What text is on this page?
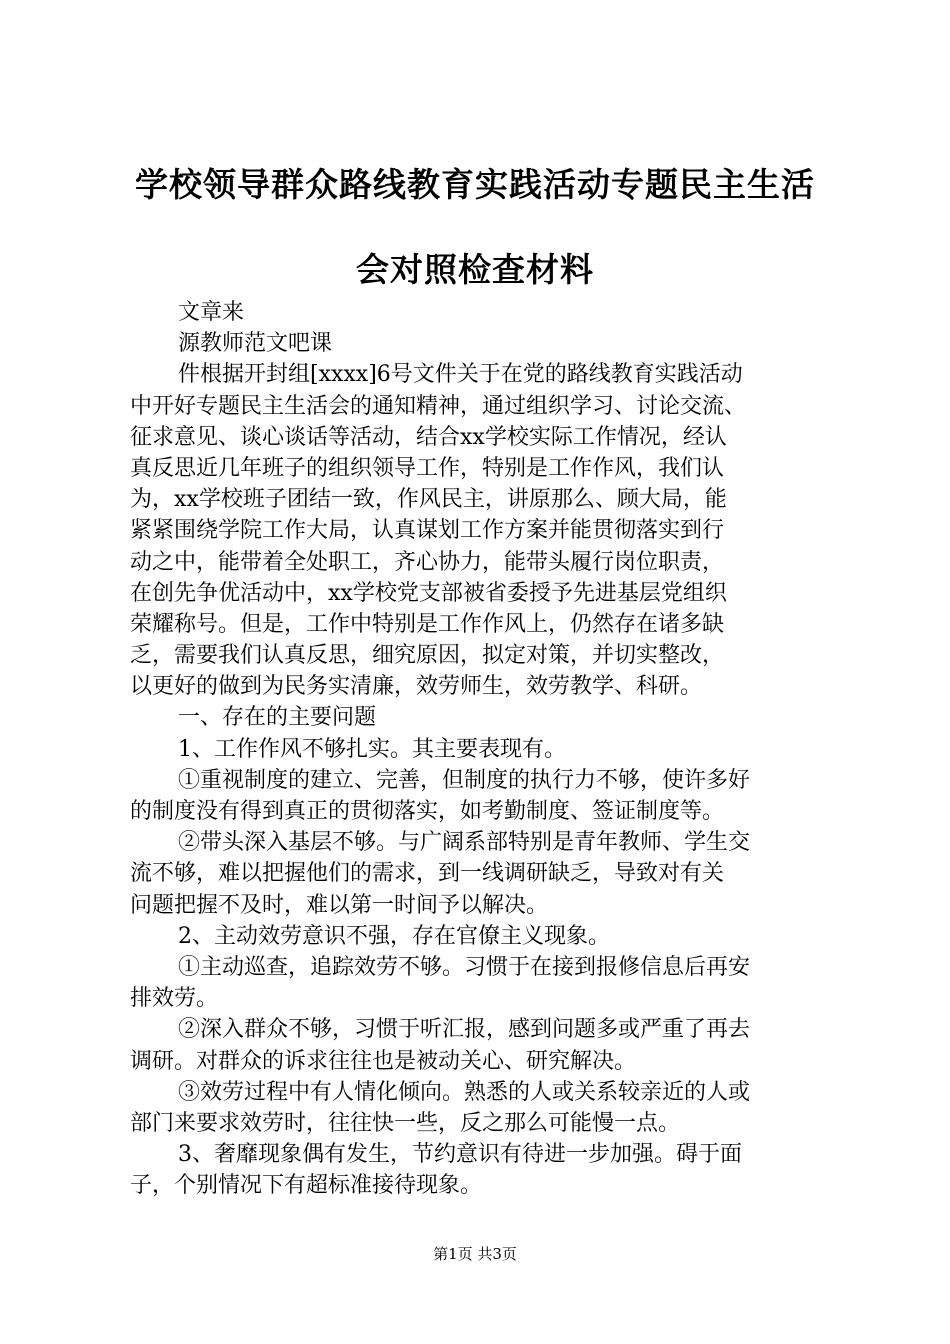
学校领导群众路线教育实践活动专题民主生活
会对照检查材料
文章来
源教师范文吧课
件根据开封组[xxxx]6号文件关于在党的路线教育实践活动
中开好专题民主生活会的通知精神，通过组织学习、讨论交流、
征求意见、谈心谈话等活动，结合xx学校实际工作情况，经认
真反思近几年班子的组织领导工作，特别是工作作风，我们认
为，xx学校班子团结一致，作风民主，讲原那么、顾大局，能
紧紧围绕学院工作大局，认真谋划工作方案并能贯彻落实到行
动之中，能带着全处职工，齐心协力，能带头履行岗位职责，
在创先争优活动中，xx学校党支部被省委授予先进基层党组织
荣耀称号。但是，工作中特别是工作作风上，仍然存在诸多缺
乏，需要我们认真反思，细究原因，拟定对策，并切实整改，
以更好的做到为民务实清廉，效劳师生，效劳教学、科研。
一、存在的主要问题
1、工作作风不够扎实。其主要表现有。
①重视制度的建立、完善，但制度的执行力不够，使许多好
的制度没有得到真正的贯彻落实，如考勤制度、签证制度等。
②带头深入基层不够。与广阔系部特别是青年教师、学生交
流不够，难以把握他们的需求，到一线调研缺乏，导致对有关
问题把握不及时，难以第一时间予以解决。
2、主动效劳意识不强，存在官僚主义现象。
①主动巡查，追踪效劳不够。习惯于在接到报修信息后再安
排效劳。
②深入群众不够，习惯于听汇报，感到问题多或严重了再去
调研。对群众的诉求往往也是被动关心、研究解决。
③效劳过程中有人情化倾向。熟悉的人或关系较亲近的人或
部门来要求效劳时，往往快一些，反之那么可能慢一点。
3、奢靡现象偶有发生，节约意识有待进一步加强。碍于面
子，个别情况下有超标准接待现象。
第1页 共3页
